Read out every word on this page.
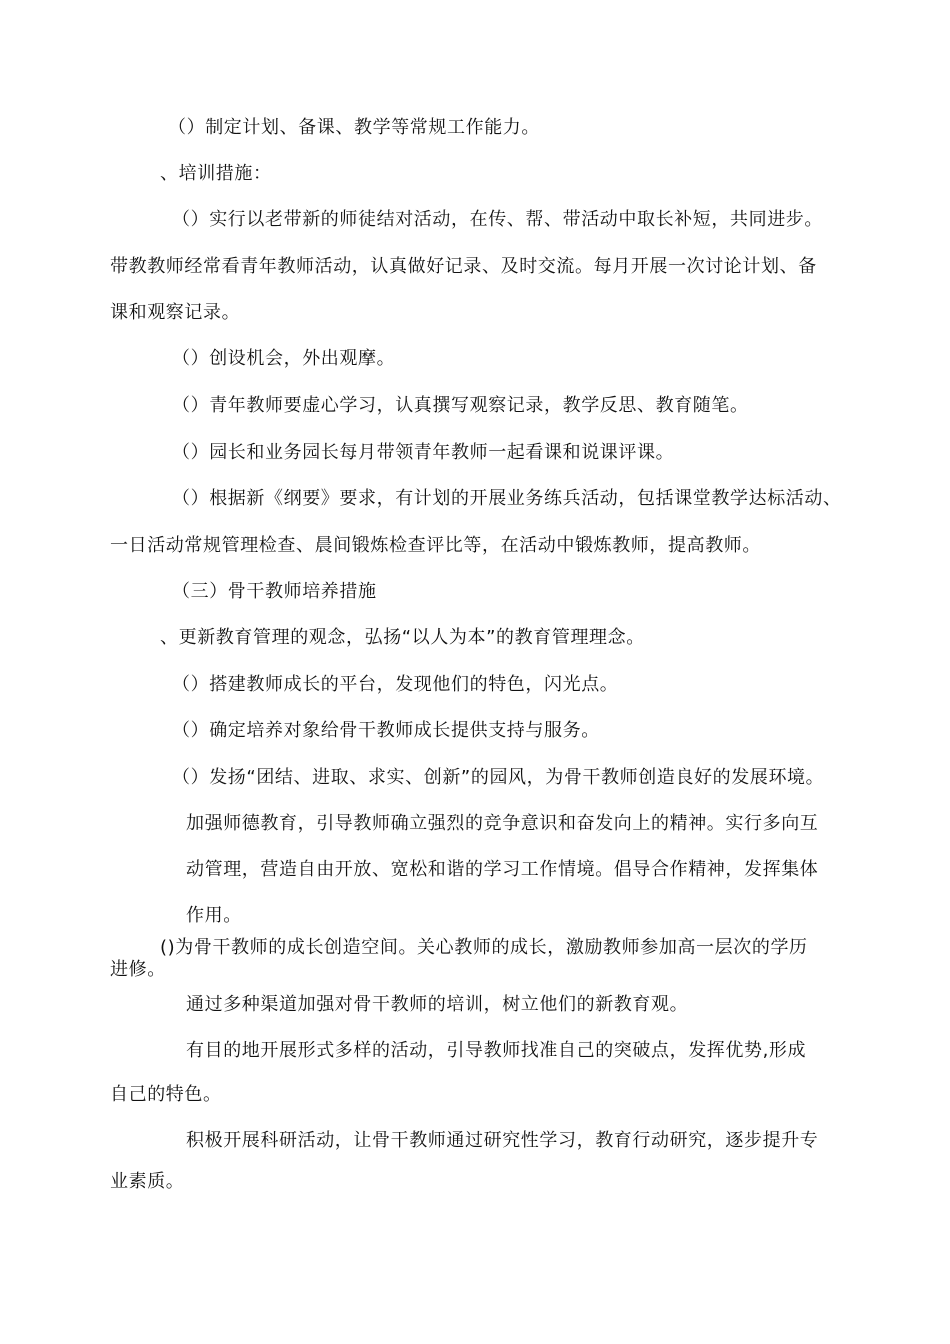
（）制定计划、备课、教学等常规工作能力。
、培训措施：
（）实行以老带新的师徒结对活动，在传、帮、带活动中取长补短，共同进步。
带教教师经常看青年教师活动，认真做好记录、及时交流。每月开展一次讨论计划、备
课和观察记录。
（）创设机会，外出观摩。
（）青年教师要虚心学习，认真撰写观察记录，教学反思、教育随笔。
（）园长和业务园长每月带领青年教师一起看课和说课评课。
（）根据新《纲要》要求，有计划的开展业务练兵活动，包括课堂教学达标活动、
一日活动常规管理检查、晨间锻炼检查评比等，在活动中锻炼教师，提高教师。
（三）骨干教师培养措施
、更新教育管理的观念，弘扬“以人为本”的教育管理理念。
（）搭建教师成长的平台，发现他们的特色，闪光点。
（）确定培养对象给骨干教师成长提供支持与服务。
（）发扬“团结、进取、求实、创新”的园风，为骨干教师创造良好的发展环境。
加强师德教育，引导教师确立强烈的竞争意识和奋发向上的精神。实行多向互
动管理，营造自由开放、宽松和谐的学习工作情境。倡导合作精神，发挥集体
作用。
()为骨干教师的成长创造空间。关心教师的成长，激励教师参加高一层次的学历
进修。
通过多种渠道加强对骨干教师的培训，树立他们的新教育观。
有目的地开展形式多样的活动，引导教师找准自己的突破点，发挥优势,形成
自己的特色。
积极开展科研活动，让骨干教师通过研究性学习，教育行动研究，逐步提升专
业素质。
